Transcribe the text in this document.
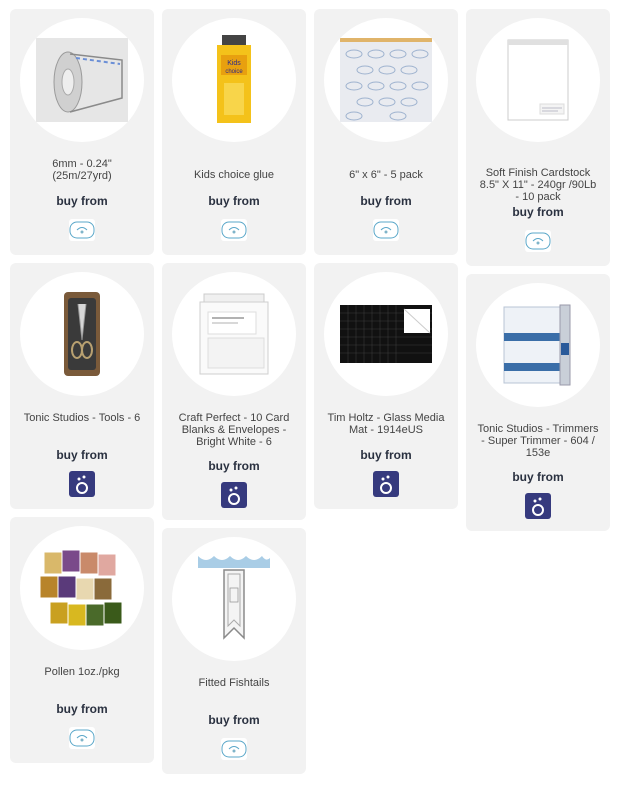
6mm - 0.24"
(25m/27yrd)
buy from
Kids
choice
Kids choice glue
buy from
6" x 6" - 5 pack
buy from
Soft Finish Cardstock
8.5" X 11" - 240gr /90Lb
- 10 pack
buy from
Tonic Studios - Tools - 6
buy from
Craft Perfect - 10 Card
Blanks & Envelopes -
Bright White - 6
buy from
Tim Holtz - Glass Media
Mat - 1914eUS
buy from
Tonic Studios - Trimmers
- Super Trimmer - 604 /
153e
buy from
Pollen 1oz./pkg
buy from
Fitted Fishtails
buy from
